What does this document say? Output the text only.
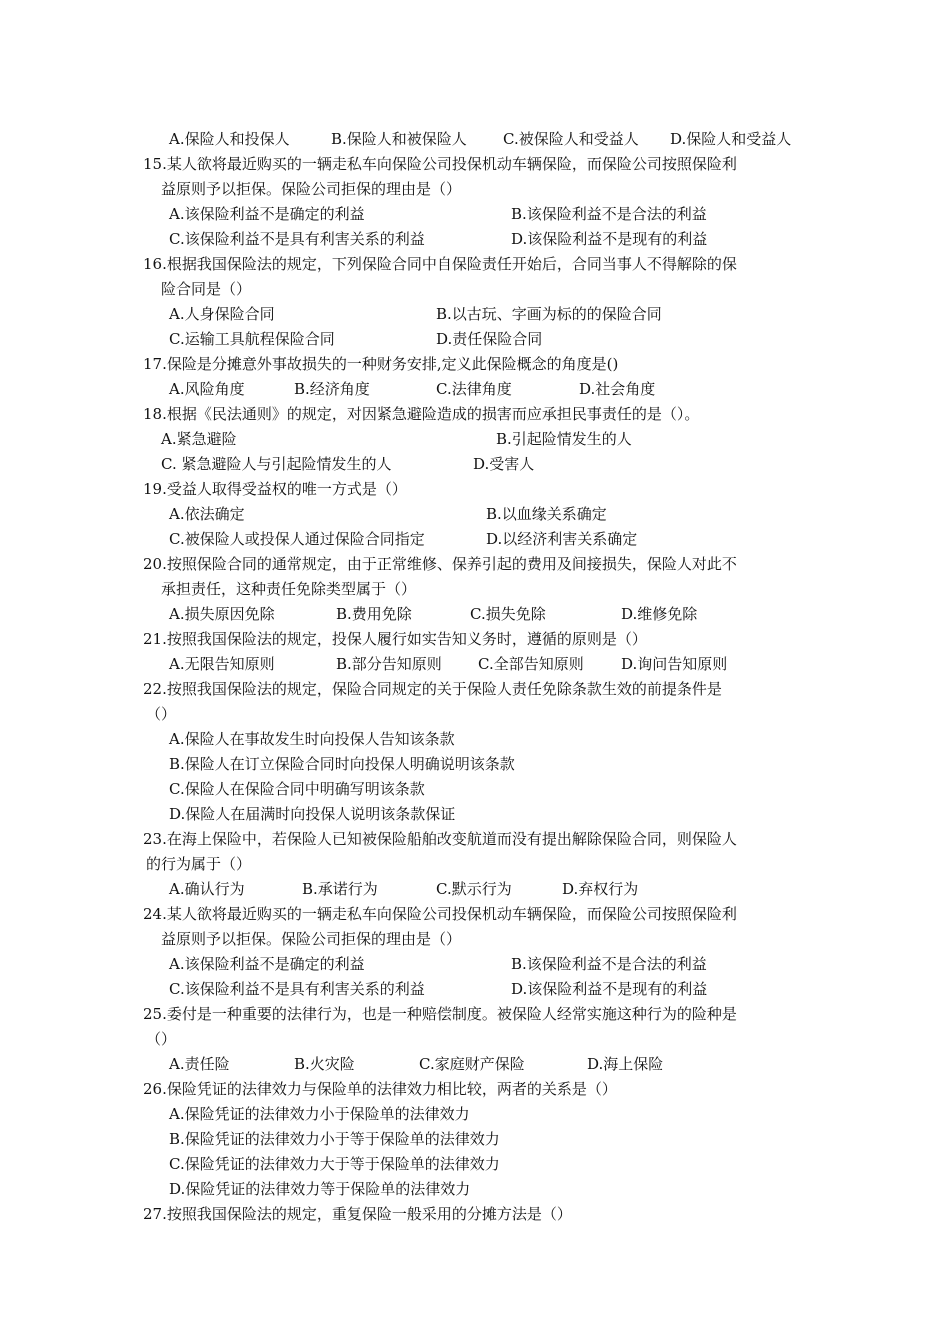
A.保险人和投保人	B.保险人和被保险人 C.被保险人和受益人 D.保险人和受益人
15.某人欲将最近购买的一辆走私车向保险公司投保机动车辆保险，而保险公司按照保险利
益原则予以拒保。保险公司拒保的理由是（）
A.该保险利益不是确定的利益	B.该保险利益不是合法的利益
C.该保险利益不是具有利害关系的利益	D.该保险利益不是现有的利益
16.根据我国保险法的规定，下列保险合同中自保险责任开始后，合同当事人不得解除的保
险合同是（）
A.人身保险合同	B.以古玩、字画为标的的保险合同
C.运输工具航程保险合同	D.责任保险合同
17.保险是分摊意外事故损失的一种财务安排,定义此保险概念的角度是()
A.风险角度	B.经济角度	C.法律角度	D.社会角度
18.根据《民法通则》的规定，对因紧急避险造成的损害而应承担民事责任的是（）。
A.紧急避险	B.引起险情发生的人
C. 紧急避险人与引起险情发生的人	D.受害人
19.受益人取得受益权的唯一方式是（）
A.依法确定	B.以血缘关系确定
C.被保险人或投保人通过保险合同指定	D.以经济利害关系确定
20.按照保险合同的通常规定，由于正常维修、保养引起的费用及间接损失，保险人对此不
承担责任，这种责任免除类型属于（）
A.损失原因免除	B.费用免除	C.损失免除	D.维修免除
21.按照我国保险法的规定，投保人履行如实告知义务时，遵循的原则是（）
A.无限告知原则	B.部分告知原则 C.全部告知原则 D.询问告知原则
22.按照我国保险法的规定，保险合同规定的关于保险人责任免除条款生效的前提条件是
（）
A.保险人在事故发生时向投保人告知该条款
B.保险人在订立保险合同时向投保人明确说明该条款
C.保险人在保险合同中明确写明该条款
D.保险人在届满时向投保人说明该条款保证
23.在海上保险中，若保险人已知被保险船舶改变航道而没有提出解除保险合同，则保险人
的行为属于（）
A.确认行为	B.承诺行为	C.默示行为	D.弃权行为
24.某人欲将最近购买的一辆走私车向保险公司投保机动车辆保险，而保险公司按照保险利
益原则予以拒保。保险公司拒保的理由是（）
A.该保险利益不是确定的利益	B.该保险利益不是合法的利益
C.该保险利益不是具有利害关系的利益	D.该保险利益不是现有的利益
25.委付是一种重要的法律行为，也是一种赔偿制度。被保险人经常实施这种行为的险种是
（）
A.责任险	B.火灾险	C.家庭财产保险	D.海上保险
26.保险凭证的法律效力与保险单的法律效力相比较，两者的关系是（）
A.保险凭证的法律效力小于保险单的法律效力
B.保险凭证的法律效力小于等于保险单的法律效力
C.保险凭证的法律效力大于等于保险单的法律效力
D.保险凭证的法律效力等于保险单的法律效力
27.按照我国保险法的规定，重复保险一般采用的分摊方法是（）
